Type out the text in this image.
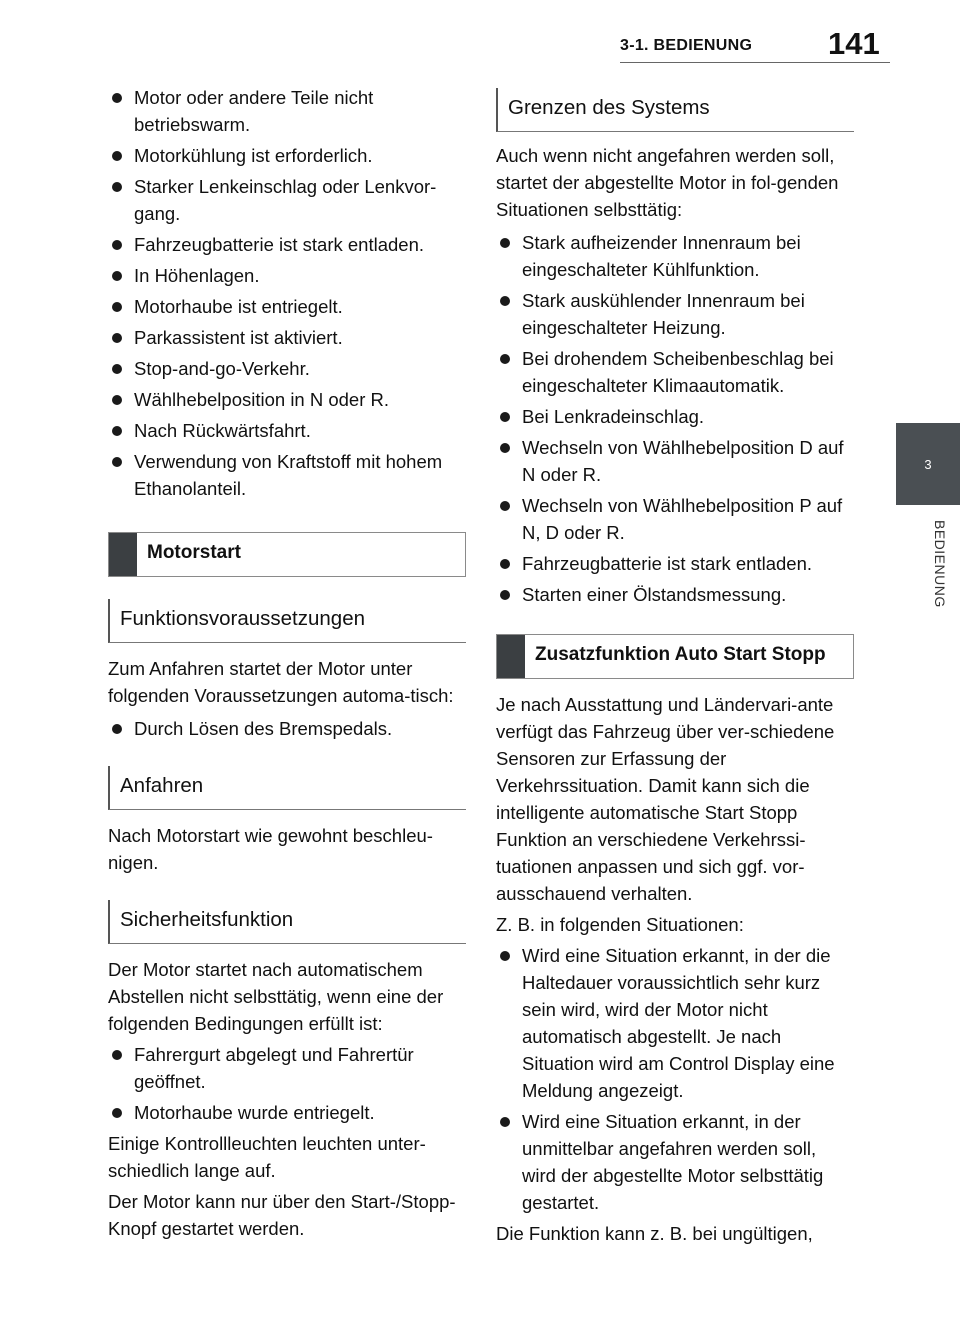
3-1. BEDIENUNG 141
3
BEDIENUNG
Motor oder andere Teile nicht betriebswarm.
Motorkühlung ist erforderlich.
Starker Lenkeinschlag oder Lenkvor-gang.
Fahrzeugbatterie ist stark entladen.
In Höhenlagen.
Motorhaube ist entriegelt.
Parkassistent ist aktiviert.
Stop-and-go-Verkehr.
Wählhebelposition in N oder R.
Nach Rückwärtsfahrt.
Verwendung von Kraftstoff mit hohem Ethanolanteil.
Motorstart
Funktionsvoraussetzungen

Zum Anfahren startet der Motor unter folgenden Voraussetzungen automa-tisch:

Durch Lösen des Bremspedals.
Anfahren

Nach Motorstart wie gewohnt beschleu-nigen.

Sicherheitsfunktion

Der Motor startet nach automatischem Abstellen nicht selbsttätig, wenn eine der folgenden Bedingungen erfüllt ist:

Fahrergurt abgelegt und Fahrertür geöffnet.
Motorhaube wurde entriegelt.

Einige Kontrollleuchten leuchten unter-schiedlich lange auf.

Der Motor kann nur über den Start-/Stopp-Knopf gestartet werden.

Grenzen des Systems

Auch wenn nicht angefahren werden soll, startet der abgestellte Motor in fol-genden Situationen selbsttätig:

Stark aufheizender Innenraum bei eingeschalteter Kühlfunktion.
Stark auskühlender Innenraum bei eingeschalteter Heizung.
Bei drohendem Scheibenbeschlag bei eingeschalteter Klimaautomatik.
Bei Lenkradeinschlag.
Wechseln von Wählhebelposition D auf N oder R.
Wechseln von Wählhebelposition P auf N, D oder R.
Fahrzeugbatterie ist stark entladen.
Starten einer Ölstandsmessung.
Zusatzfunktion Auto Start Stopp

Je nach Ausstattung und Ländervari-ante verfügt das Fahrzeug über ver-schiedene Sensoren zur Erfassung der Verkehrssituation. Damit kann sich die intelligente automatische Start Stopp Funktion an verschiedene Verkehrssi-tuationen anpassen und sich ggf. vor-ausschauend verhalten.

Z. B. in folgenden Situationen:

Wird eine Situation erkannt, in der die Haltedauer voraussichtlich sehr kurz sein wird, wird der Motor nicht automatisch abgestellt. Je nach Situation wird am Control Display eine Meldung angezeigt.
Wird eine Situation erkannt, in der unmittelbar angefahren werden soll, wird der abgestellte Motor selbsttätig gestartet.

Die Funktion kann z. B. bei ungültigen,
